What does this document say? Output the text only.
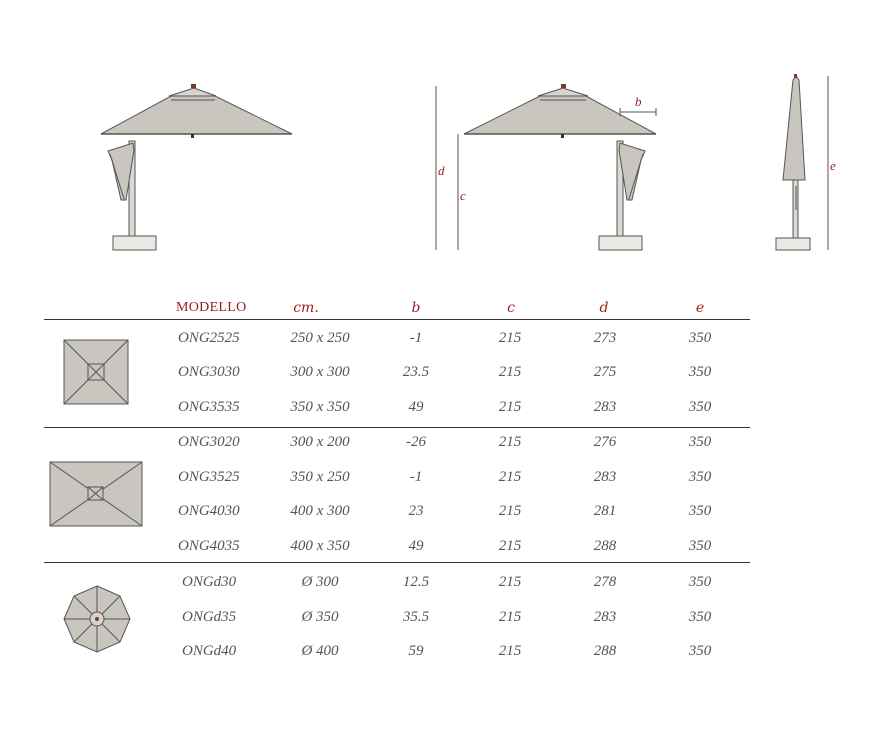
d
c
b
e
MODELLO	cm.	b	c	d	e
ONG2525	250 x 250	-1	215	273	350
ONG3030	300 x 300	23.5	215	275	350
ONG3535	350 x 350	49	215	283	350
ONG3020	300 x 200	-26	215	276	350
ONG3525	350 x 250	-1	215	283	350
ONG4030	400 x 300	23	215	281	350
ONG4035	400 x 350	49	215	288	350
ONGd30	Ø 300	12.5	215	278	350
ONGd35	Ø 350	35.5	215	283	350
ONGd40	Ø 400	59	215	288	350
